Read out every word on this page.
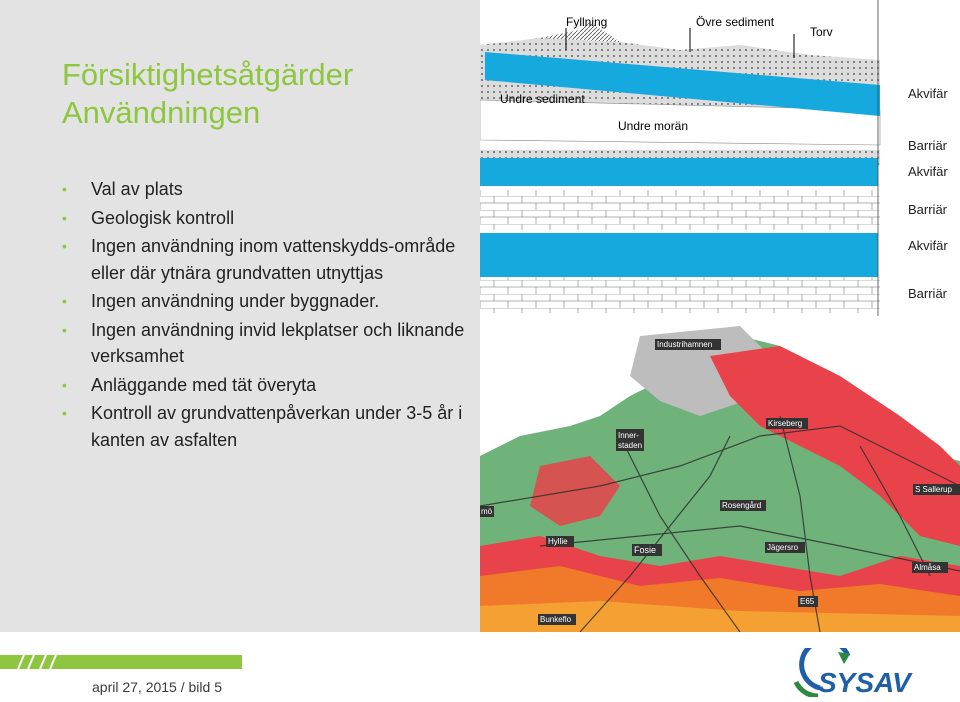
Försiktighetsåtgärder
Användningen
• Val av plats
• Geologisk kontroll
• Ingen användning inom vattenskydds-område eller där ytnära grundvatten utnyttjas
• Ingen användning under byggnader.
• Ingen användning invid lekplatser och liknande verksamhet
• Anläggande med tät överyta
• Kontroll av grundvattenpåverkan under 3-5 år i kanten av asfalten
Fyllning	Övre sediment
Torv
Undre sediment
Undre morän
Akvifär
Barriär
Akvifär
Barriär
Akvifär
Barriär
Industrihamnen
Inner-
staden
Kirseberg
S Sallerup
Rosengård
Hyllie
Fosie	Jägersro
Almåsa
E65
Bunkeflo
mö
april 27, 2015 / bild 5	SYSAV
